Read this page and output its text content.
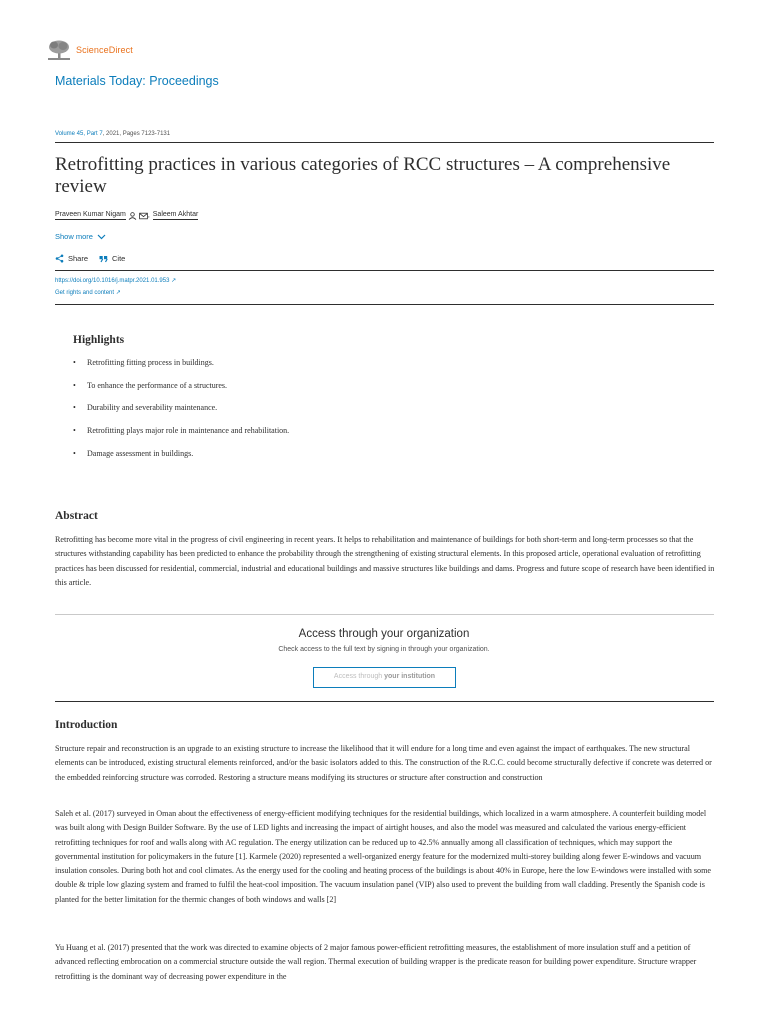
ScienceDirect
Materials Today: Proceedings
Volume 45, Part 7, 2021, Pages 7123-7131
Retrofitting practices in various categories of RCC structures – A comprehensive review
Praveen Kumar Nigam	, Saleem Akhtar
Show more
Share	Cite
https://doi.org/10.1016/j.matpr.2021.01.953 ↗
Get rights and content ↗
Highlights
•	Retrofitting fitting process in buildings.
•	To enhance the performance of a structures.
•	Durability and severability maintenance.
•	Retrofitting plays major role in maintenance and rehabilitation.
•	Damage assessment in buildings.
Abstract

Retrofitting has become more vital in the progress of civil engineering in recent years. It helps to rehabilitation and maintenance of buildings for both short-term and long-term processes so that the structures withstanding capability has been predicted to enhance the probability through the strengthening of existing structural elements. In this proposed article, operational evaluation of retrofitting practices has been discussed for residential, commercial, industrial and educational buildings and massive structures like buildings and dams. Progress and future scope of research have been identified in this article.

Access through your organization
Check access to the full text by signing in through your organization.
Access through your institution
Introduction

Structure repair and reconstruction is an upgrade to an existing structure to increase the likelihood that it will endure for a long time and even against the impact of earthquakes. The new structural elements can be introduced, existing structural elements reinforced, and/or the basic isolators added to this. The construction of the R.C.C. could become structurally defective if concrete was deterred or the embedded reinforcing structure was corroded. Restoring a structure means modifying its structures or structure after construction and construction

Saleh et al. (2017) surveyed in Oman about the effectiveness of energy-efficient modifying techniques for the residential buildings, which localized in a warm atmosphere. A counterfeit building model was built along with Design Builder Software. By the use of LED lights and increasing the impact of airtight houses, and also the model was measured and calculated the various energy-efficient retrofitting techniques for roof and walls along with AC regulation. The energy utilization can be reduced up to 42.5% annually among all classification of techniques, which may support the governmental institution for policymakers in the future [1]. Karmele (2020) represented a well-organized energy feature for the modernized multi-storey building along fewer E-windows and vacuum insulation consoles. During both hot and cool climates. As the energy used for the cooling and heating process of the buildings is about 40% in Europe, here the low E-windows were installed with some double & triple low glazing system and framed to fulfil the heat-cool imposition. The vacuum insulation panel (VIP) also used to prevent the building from wall cladding. Presently the Spanish code is planted for the better limitation for the thermic changes of both windows and walls [2]

Yu Huang et al. (2017) presented that the work was directed to examine objects of 2 major famous power-efficient retrofitting measures, the establishment of more insulation stuff and a petition of advanced reflecting embrocation on a commercial structure outside the wall region. Thermal execution of building wrapper is the predicate reason for building power expenditure. Structure wrapper retrofitting is the dominant way of decreasing power expenditure in the
